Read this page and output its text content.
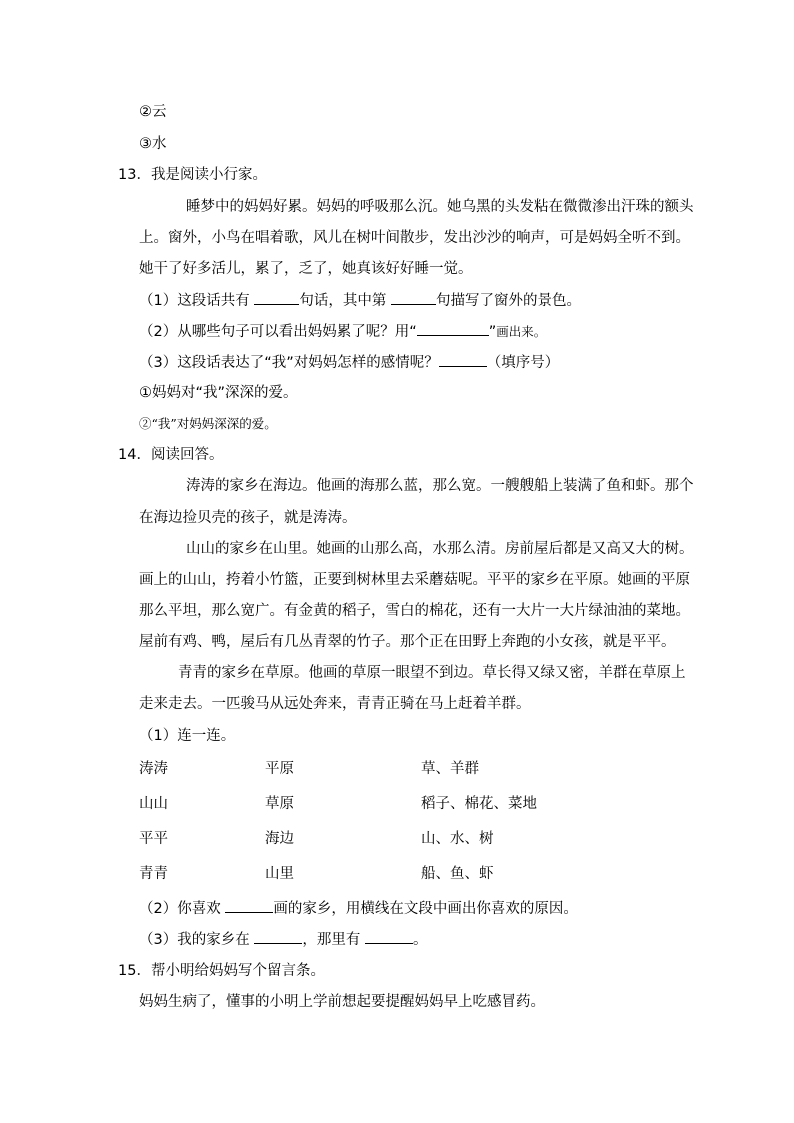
②云
③水
13．我是阅读小行家。
睡梦中的妈妈好累。妈妈的呼吸那么沉。她乌黑的头发粘在微微渗出汗珠的额头
上。窗外，小鸟在唱着歌，风儿在树叶间散步，发出沙沙的响声，可是妈妈全听不到。
她干了好多活儿，累了，乏了，她真该好好睡一觉。
（1）这段话共有	句话，其中第	句描写了窗外的景色。
（2）从哪些句子可以看出妈妈累了呢？用“	”画出来。
（3）这段话表达了“我”对妈妈怎样的感情呢？	（填序号）
①妈妈对“我”深深的爱。
②“我”对妈妈深深的爱。
14．阅读回答。
涛涛的家乡在海边。他画的海那么蓝，那么宽。一艘艘船上装满了鱼和虾。那个
在海边捡贝壳的孩子，就是涛涛。
山山的家乡在山里。她画的山那么高，水那么清。房前屋后都是又高又大的树。
画上的山山，挎着小竹篮，正要到树林里去采蘑菇呢。平平的家乡在平原。她画的平原
那么平坦，那么宽广。有金黄的稻子，雪白的棉花，还有一大片一大片绿油油的菜地。
屋前有鸡、鸭，屋后有几丛青翠的竹子。那个正在田野上奔跑的小女孩，就是平平。
青青的家乡在草原。他画的草原一眼望不到边。草长得又绿又密，羊群在草原上
走来走去。一匹骏马从远处奔来，青青正骑在马上赶着羊群。
（1）连一连。
涛涛	平原	草、羊群
山山	草原	稻子、棉花、菜地
平平	海边	山、水、树
青青	山里	船、鱼、虾
（2）你喜欢	画的家乡，用横线在文段中画出你喜欢的原因。
（3）我的家乡在	，那里有	。
15．帮小明给妈妈写个留言条。
妈妈生病了，懂事的小明上学前想起要提醒妈妈早上吃感冒药。
